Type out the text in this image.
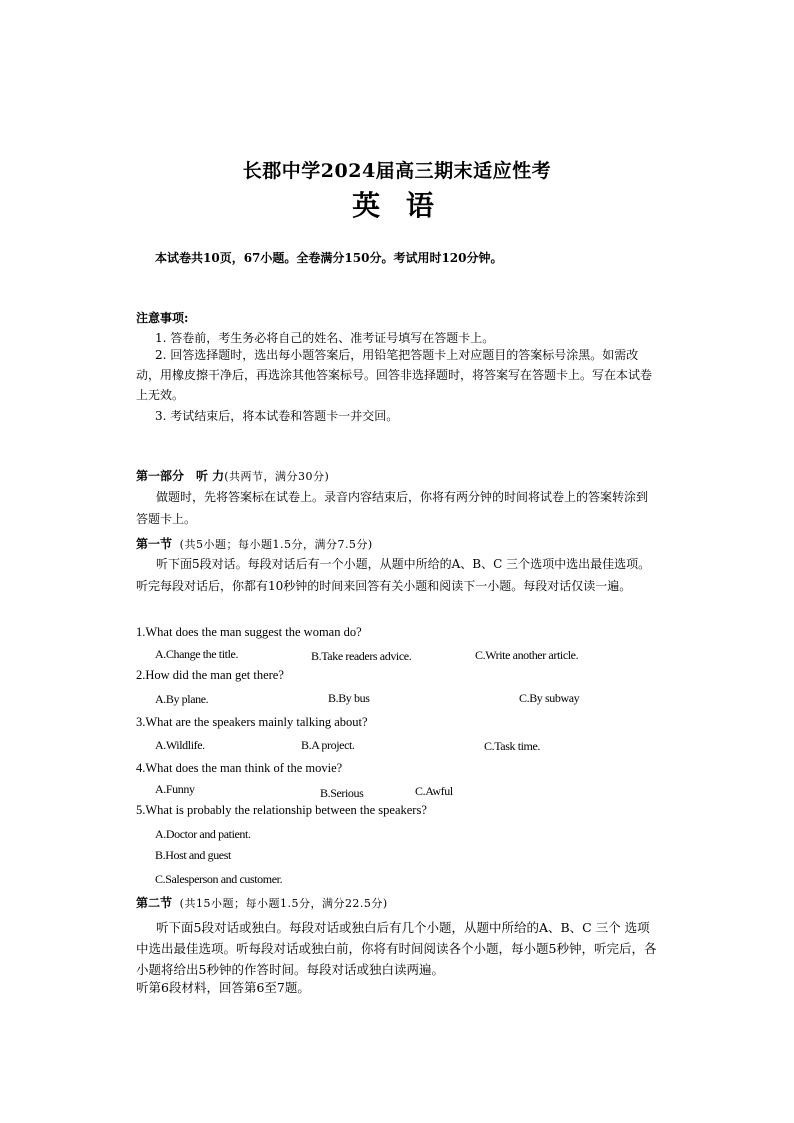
长郡中学2024届高三期末适应性考
英 语
本试卷共10页，67小题。全卷满分150分。考试用时120分钟。
注意事项:
1. 答卷前，考生务必将自己的姓名、准考证号填写在答题卡上。
2. 回答选择题时，选出每小题答案后，用铅笔把答题卡上对应题目的答案标号涂黑。如需改动，用橡皮擦干净后，再选涂其他答案标号。回答非选择题时，将答案写在答题卡上。写在本试卷上无效。
3. 考试结束后，将本试卷和答题卡一并交回。
第一部分　听 力(共两节，满分30分)
做题时，先将答案标在试卷上。录音内容结束后，你将有两分钟的时间将试卷上的答案转涂到答题卡上。
第一节 (共5小题；每小题1.5分，满分7.5分)
听下面5段对话。每段对话后有一个小题，从题中所给的A、B、C 三个选项中选出最佳选项。听完每段对话后，你都有10秒钟的时间来回答有关小题和阅读下一小题。每段对话仅读一遍。
1.What does the man suggest the woman do?
A.Change the title.	B.Take readers advice.	C.Write another article.
2.How did the man get there?
A.By plane.	B.By bus	C.By subway
3.What are the speakers mainly talking about?
A.Wildlife.	B.A project.	C.Task time.
4.What does the man think of the movie?
A.Funny	B.Serious	C.Awful
5.What is probably the relationship between the speakers?
A.Doctor and patient.
B.Host and guest
C.Salesperson and customer.
第二节 (共15小题；每小题1.5分，满分22.5分)
听下面5段对话或独白。每段对话或独白后有几个小题，从题中所给的A、B、C 三个 选项中选出最佳选项。听每段对话或独白前，你将有时间阅读各个小题，每小题5秒钟，听完后，各小题将给出5秒钟的作答时间。每段对话或独白读两遍。
听第6段材料，回答第6至7题。
